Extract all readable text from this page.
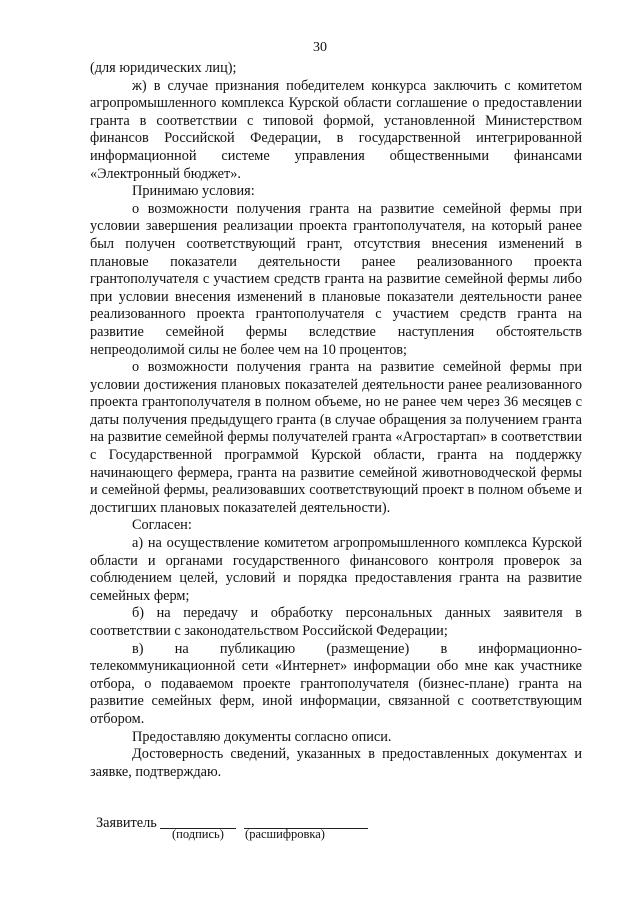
30

(для юридических лиц);

ж) в случае признания победителем конкурса заключить с комитетом агропромышленного комплекса Курской области соглашение о предоставлении гранта в соответствии с типовой формой, установленной Министерством финансов Российской Федерации, в государственной интегрированной информационной системе управления общественными финансами «Электронный бюджет».

Принимаю условия:

о возможности получения гранта на развитие семейной фермы при условии завершения реализации проекта грантополучателя, на который ранее был получен соответствующий грант, отсутствия внесения изменений в плановые показатели деятельности ранее реализованного проекта грантополучателя с участием средств гранта на развитие семейной фермы либо при условии внесения изменений в плановые показатели деятельности ранее реализованного проекта грантополучателя с участием средств гранта на развитие семейной фермы вследствие наступления обстоятельств непреодолимой силы не более чем на 10 процентов;

о возможности получения гранта на развитие семейной фермы при условии достижения плановых показателей деятельности ранее реализованного проекта грантополучателя в полном объеме, но не ранее чем через 36 месяцев с даты получения предыдущего гранта (в случае обращения за получением гранта на развитие семейной фермы получателей гранта «Агростартап» в соответствии с Государственной программой Курской области, гранта на поддержку начинающего фермера, гранта на развитие семейной животноводческой фермы и семейной фермы, реализовавших соответствующий проект в полном объеме и достигших плановых показателей деятельности).

Согласен:

а) на осуществление комитетом агропромышленного комплекса Курской области и органами государственного финансового контроля проверок за соблюдением целей, условий и порядка предоставления гранта на развитие семейных ферм;

б) на передачу и обработку персональных данных заявителя в соответствии с законодательством Российской Федерации;

в) на публикацию (размещение) в информационно-телекоммуникационной сети «Интернет» информации обо мне как участнике отбора, о подаваемом проекте грантополучателя (бизнес-плане) гранта на развитие семейных ферм, иной информации, связанной с соответствующим отбором.

Предоставляю документы согласно описи.

Достоверность сведений, указанных в предоставленных документах и заявке, подтверждаю.

Заявитель
(подпись) (расшифровка)
